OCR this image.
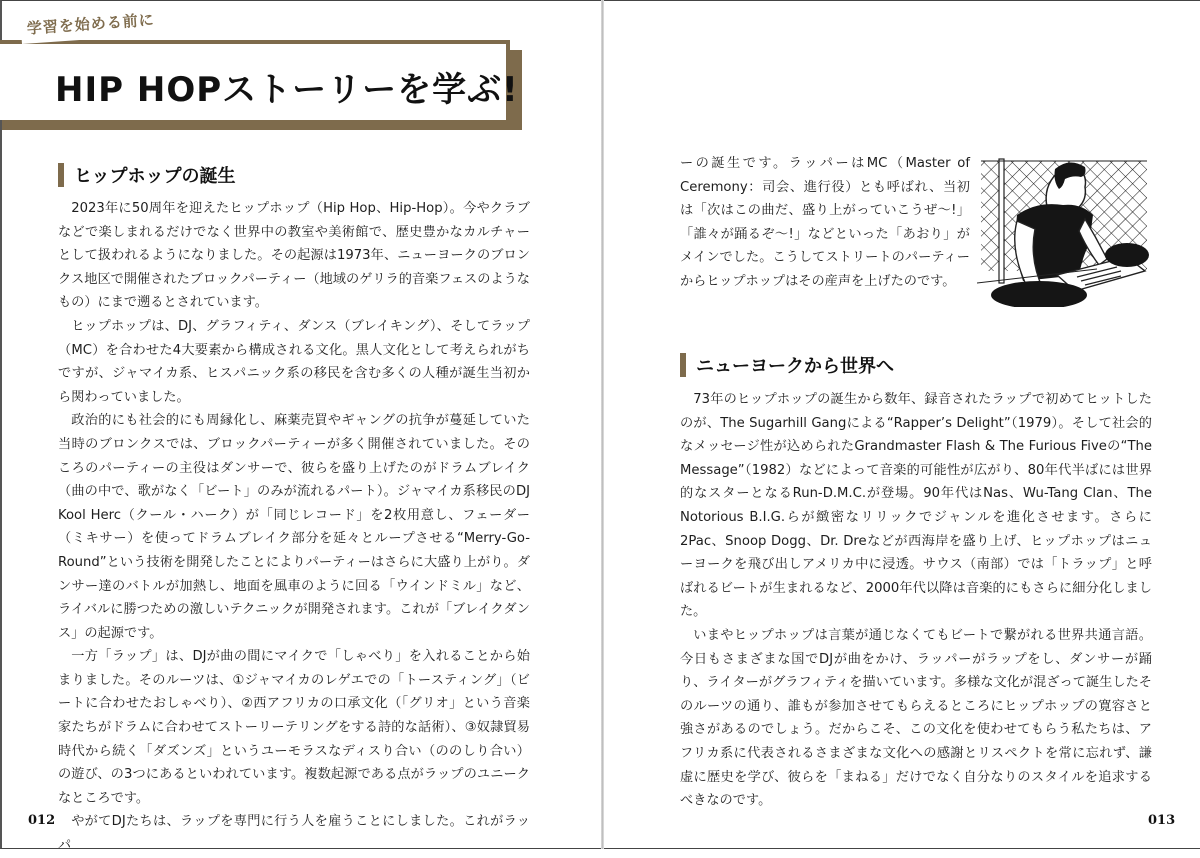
学習を始める前に
HIP HOPストーリーを学ぶ!
ヒップホップの誕生

2023年に50周年を迎えたヒップホップ（Hip Hop、Hip-Hop）。今やクラブなどで楽しまれるだけでなく世界中の教室や美術館で、歴史豊かなカルチャーとして扱われるようになりました。その起源は1973年、ニューヨークのブロンクス地区で開催されたブロックパーティー（地域のゲリラ的音楽フェスのようなもの）にまで遡るとされています。

ヒップホップは、DJ、グラフィティ、ダンス（ブレイキング）、そしてラップ（MC）を合わせた4大要素から構成される文化。黒人文化として考えられがちですが、ジャマイカ系、ヒスパニック系の移民を含む多くの人種が誕生当初から関わっていました。

政治的にも社会的にも周縁化し、麻薬売買やギャングの抗争が蔓延していた当時のブロンクスでは、ブロックパーティーが多く開催されていました。そのころのパーティーの主役はダンサーで、彼らを盛り上げたのがドラムブレイク（曲の中で、歌がなく「ビート」のみが流れるパート）。ジャマイカ系移民のDJ Kool Herc（クール・ハーク）が「同じレコード」を2枚用意し、フェーダー（ミキサー）を使ってドラムブレイク部分を延々とループさせる“Merry-Go-Round”という技術を開発したことによりパーティーはさらに大盛り上がり。ダンサー達のバトルが加熱し、地面を風車のように回る「ウインドミル」など、ライバルに勝つための激しいテクニックが開発されます。これが「ブレイクダンス」の起源です。

一方「ラップ」は、DJが曲の間にマイクで「しゃべり」を入れることから始まりました。そのルーツは、①ジャマイカのレゲエでの「トースティング」（ビートに合わせたおしゃべり）、②西アフリカの口承文化（「グリオ」という音楽家たちがドラムに合わせてストーリーテリングをする詩的な話術）、③奴隷貿易時代から続く「ダズンズ」というユーモラスなディスり合い（ののしり合い）の遊び、の3つにあるといわれています。複数起源である点がラップのユニークなところです。

やがてDJたちは、ラップを専門に行う人を雇うことにしました。これがラッパ

012

ーの誕生です。ラッパーはMC（Master of Ceremony：司会、進行役）とも呼ばれ、当初は「次はこの曲だ、盛り上がっていこうぜ〜!」「誰々が踊るぞ〜!」などといった「あおり」がメインでした。こうしてストリートのパーティーからヒップホップはその産声を上げたのです。

ニューヨークから世界へ

73年のヒップホップの誕生から数年、録音されたラップで初めてヒットしたのが、The Sugarhill Gangによる“Rapper’s Delight”（1979）。そして社会的なメッセージ性が込められたGrandmaster Flash & The Furious Fiveの“The Message”（1982）などによって音楽的可能性が広がり、80年代半ばには世界的なスターとなるRun-D.M.C.が登場。90年代はNas、Wu-Tang Clan、The Notorious B.I.G.らが緻密なリリックでジャンルを進化させます。さらに2Pac、Snoop Dogg、Dr. Dreなどが西海岸を盛り上げ、ヒップホップはニューヨークを飛び出しアメリカ中に浸透。サウス（南部）では「トラップ」と呼ばれるビートが生まれるなど、2000年代以降は音楽的にもさらに細分化しました。

いまやヒップホップは言葉が通じなくてもビートで繋がれる世界共通言語。今日もさまざまな国でDJが曲をかけ、ラッパーがラップをし、ダンサーが踊り、ライターがグラフィティを描いています。多様な文化が混ざって誕生したそのルーツの通り、誰もが参加させてもらえるところにヒップホップの寛容さと強さがあるのでしょう。だからこそ、この文化を使わせてもらう私たちは、アフリカ系に代表されるさまざまな文化への感謝とリスペクトを常に忘れず、謙虚に歴史を学び、彼らを「まねる」だけでなく自分なりのスタイルを追求するべきなのです。

013
